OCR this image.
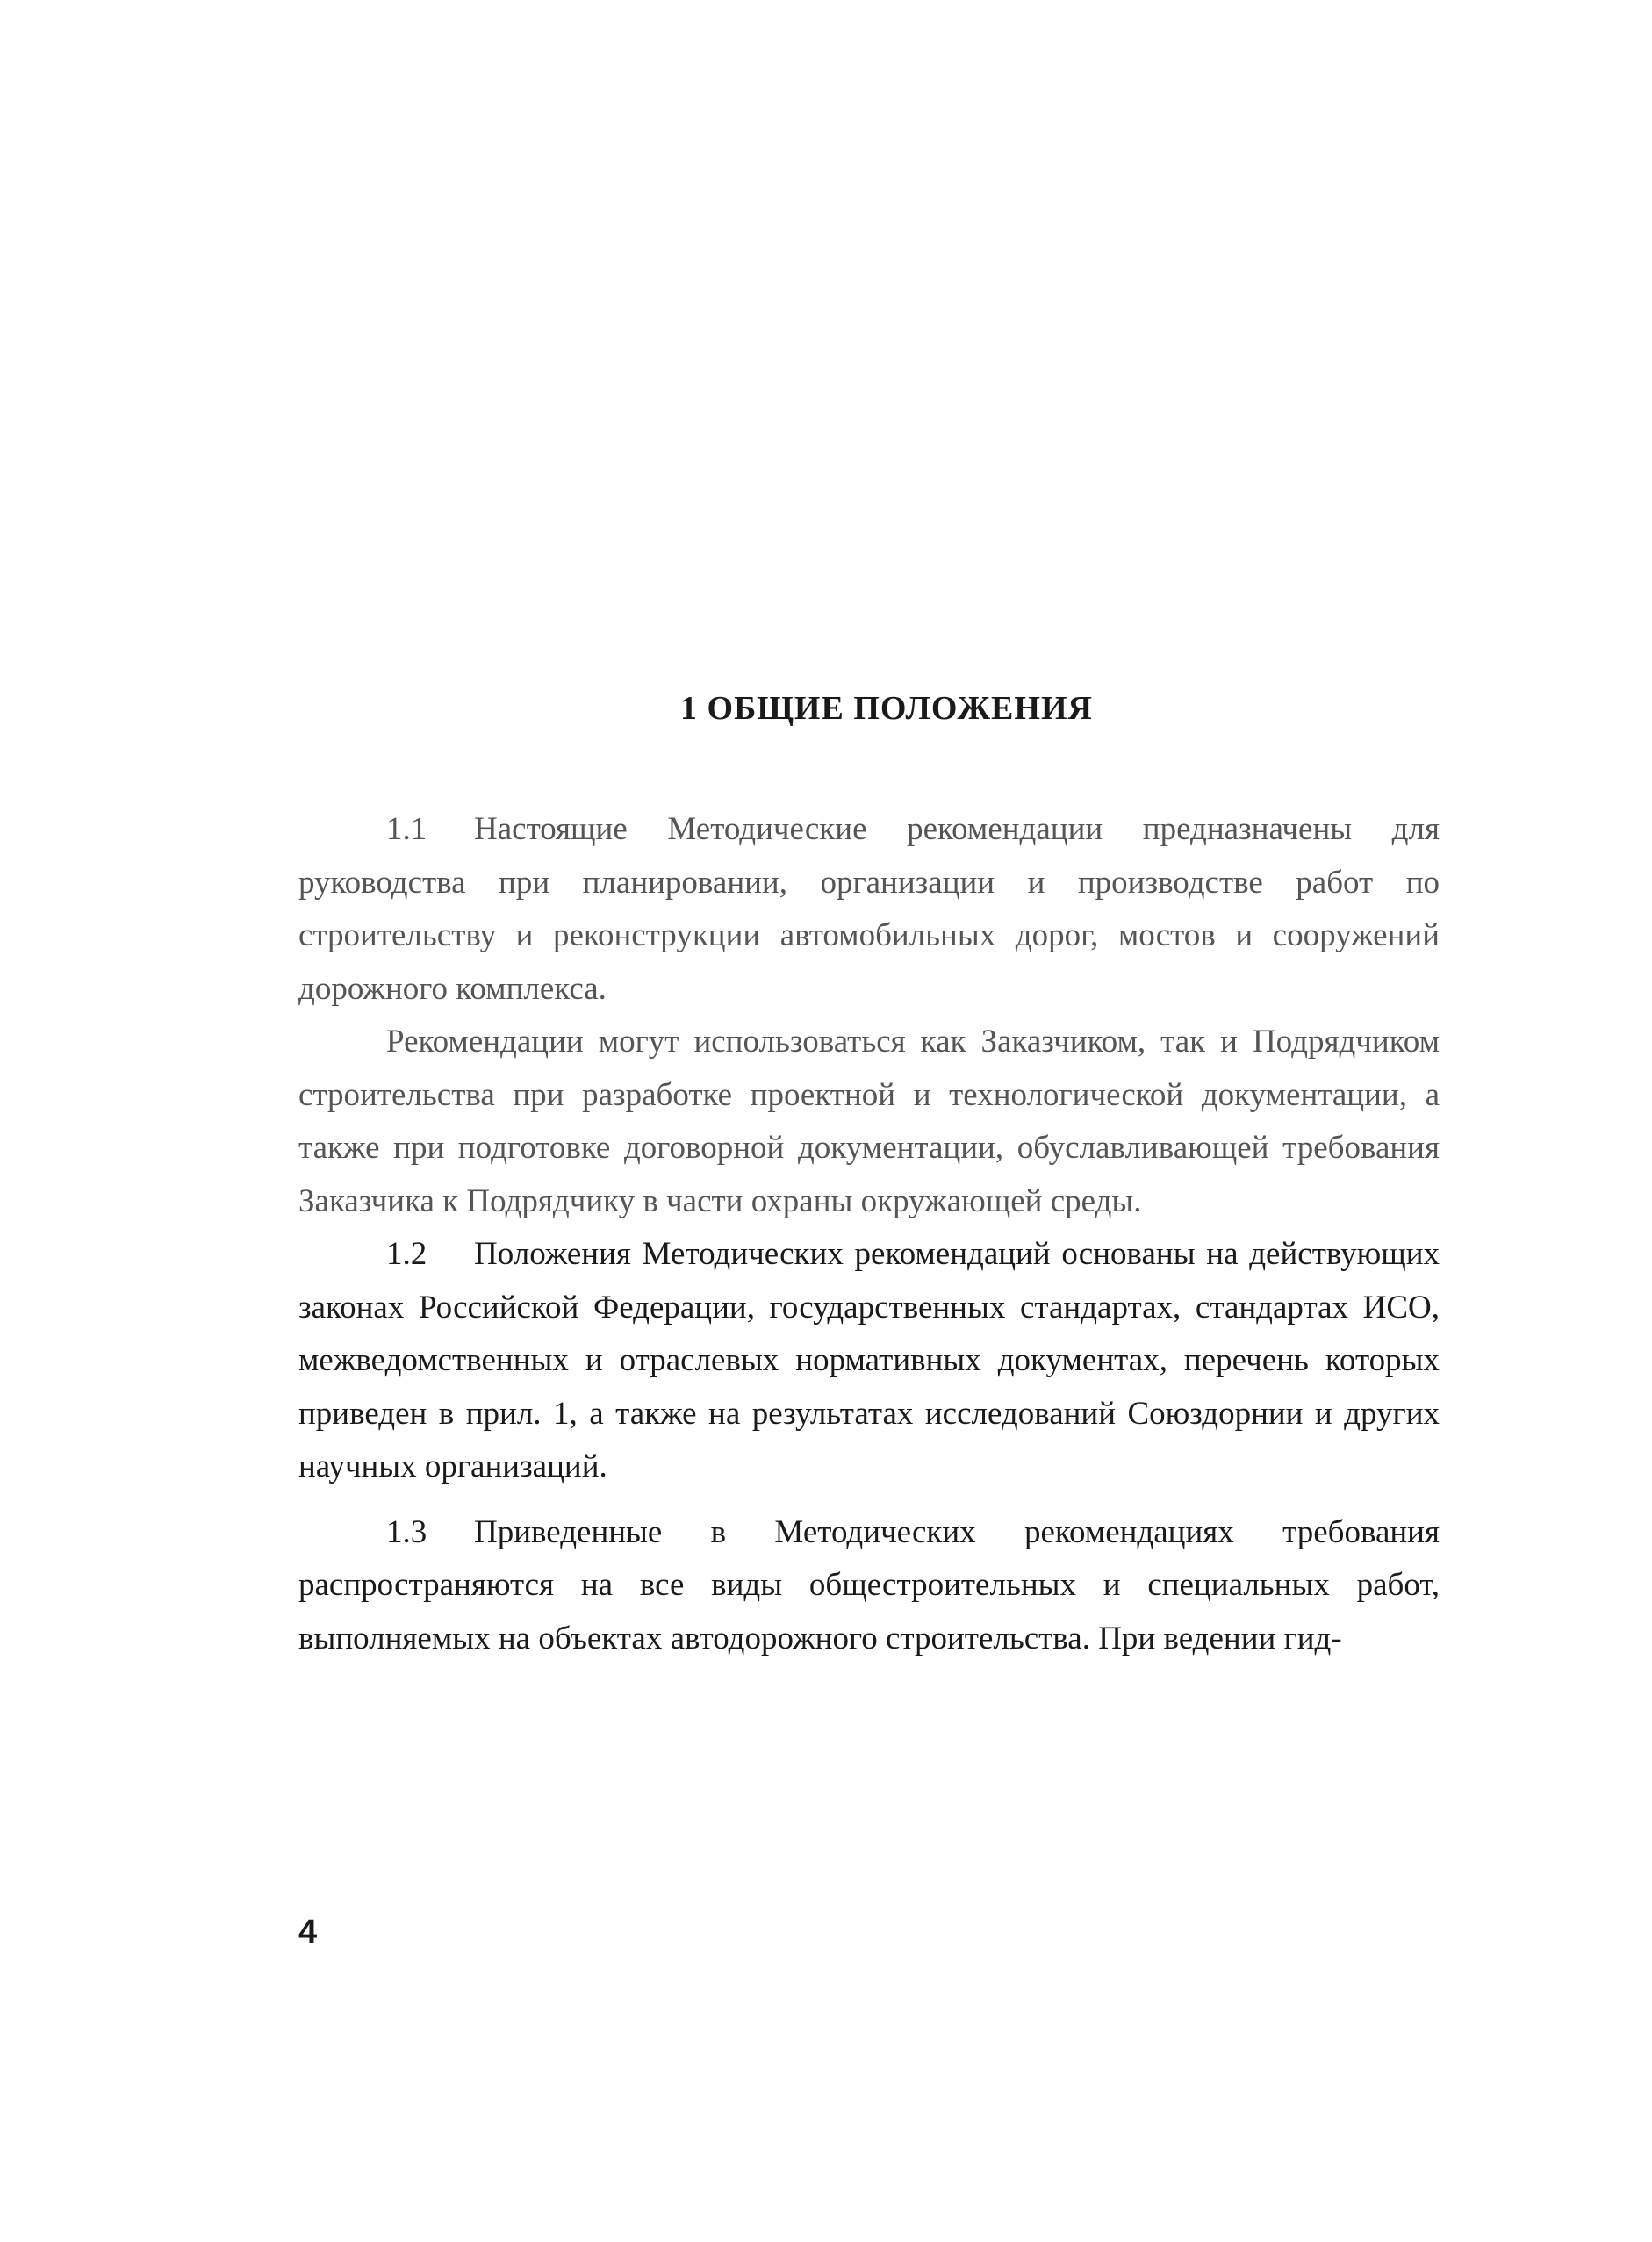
1 ОБЩИЕ ПОЛОЖЕНИЯ

1.1 Настоящие Методические рекомендации предназначены для руководства при планировании, организации и производстве работ по строительству и реконструкции автомобильных дорог, мостов и сооружений дорожного комплекса.

Рекомендации могут использоваться как Заказчиком, так и Подрядчиком строительства при разработке проектной и технологической документации, а также при подготовке договорной документации, обуславливающей требования Заказчика к Подрядчику в части охраны окружающей среды.

1.2 Положения Методических рекомендаций основаны на действующих законах Российской Федерации, государственных стандартах, стандартах ИСО, межведомственных и отраслевых нормативных документах, перечень которых приведен в прил. 1, а также на результатах исследований Союздорнии и других научных организаций.

1.3 Приведенные в Методических рекомендациях требования распространяются на все виды общестроительных и специальных работ, выполняемых на объектах автодорожного строительства. При ведении гид-

4
